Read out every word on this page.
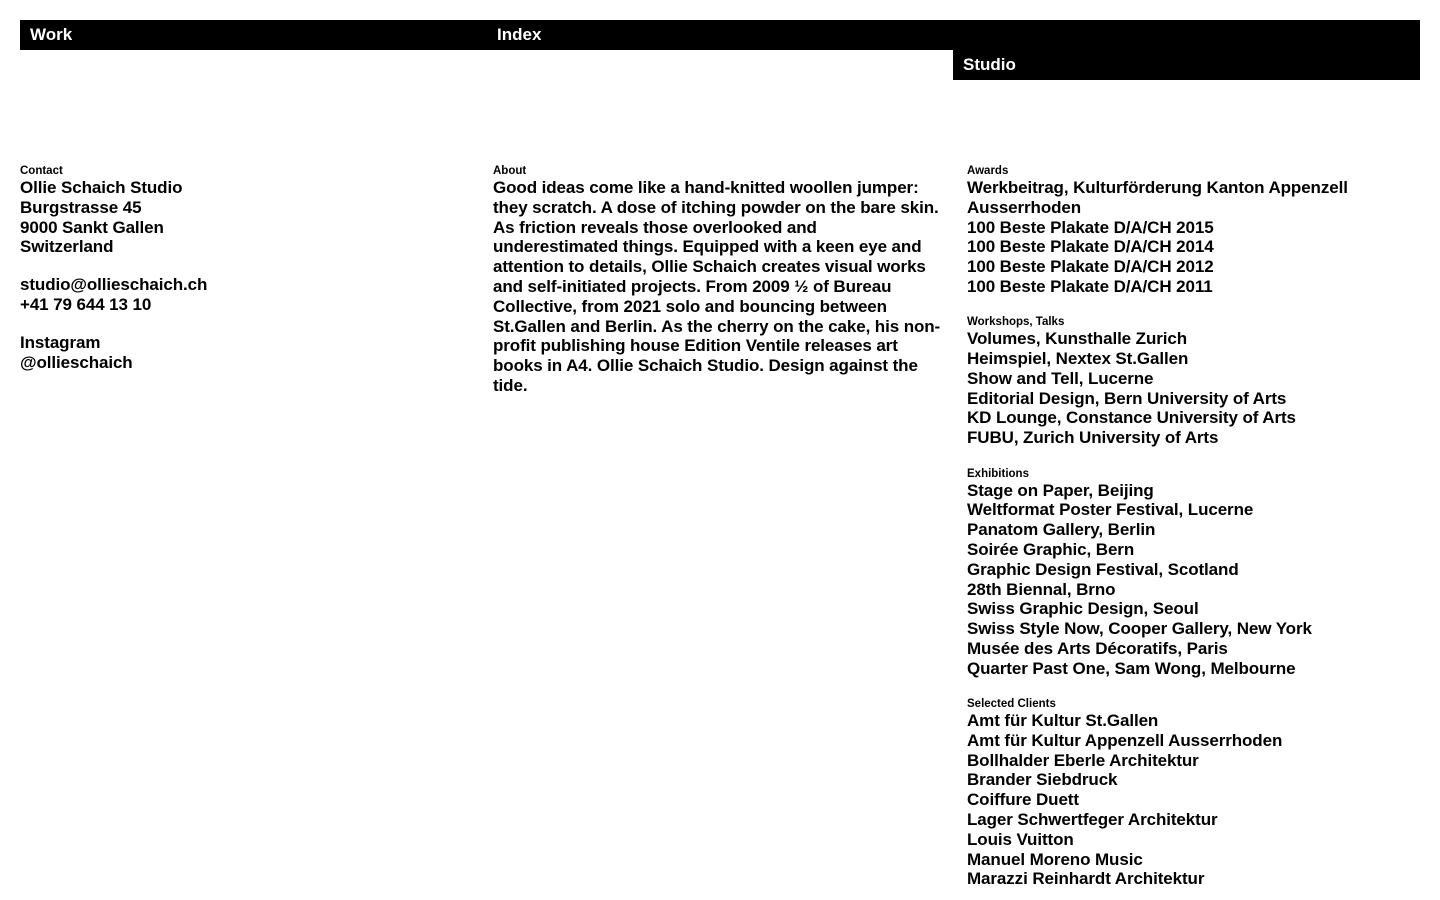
Work	Index
Studio
Contact
Ollie Schaich Studio
Burgstrasse 45
9000 Sankt Gallen
Switzerland
studio@ollieschaich.ch
+41 79 644 13 10
Instagram
@ollieschaich
About

Good ideas come like a hand-knitted woollen jumper: they scratch. A dose of itching powder on the bare skin. As friction reveals those overlooked and underestimated things. Equipped with a keen eye and attention to details, Ollie Schaich creates visual works and self-initiated projects. From 2009 ½ of Bureau Collective, from 2021 solo and bouncing between St.Gallen and Berlin. As the cherry on the cake, his non-profit publishing house Edition Ventile releases art books in A4. Ollie Schaich Studio. Design against the tide.

Awards
Werkbeitrag, Kulturförderung Kanton Appenzell Ausserrhoden
100 Beste Plakate D/A/CH 2015
100 Beste Plakate D/A/CH 2014
100 Beste Plakate D/A/CH 2012
100 Beste Plakate D/A/CH 2011
Workshops, Talks
Volumes, Kunsthalle Zurich
Heimspiel, Nextex St.Gallen
Show and Tell, Lucerne
Editorial Design, Bern University of Arts
KD Lounge, Constance University of Arts
FUBU, Zurich University of Arts
Exhibitions
Stage on Paper, Beijing
Weltformat Poster Festival, Lucerne
Panatom Gallery, Berlin
Soirée Graphic, Bern
Graphic Design Festival, Scotland
28th Biennal, Brno
Swiss Graphic Design, Seoul
Swiss Style Now, Cooper Gallery, New York
Musée des Arts Décoratifs, Paris
Quarter Past One, Sam Wong, Melbourne
Selected Clients
Amt für Kultur St.Gallen
Amt für Kultur Appenzell Ausserrhoden
Bollhalder Eberle Architektur
Brander Siebdruck
Coiffure Duett
Lager Schwertfeger Architektur
Louis Vuitton
Manuel Moreno Music
Marazzi Reinhardt Architektur
